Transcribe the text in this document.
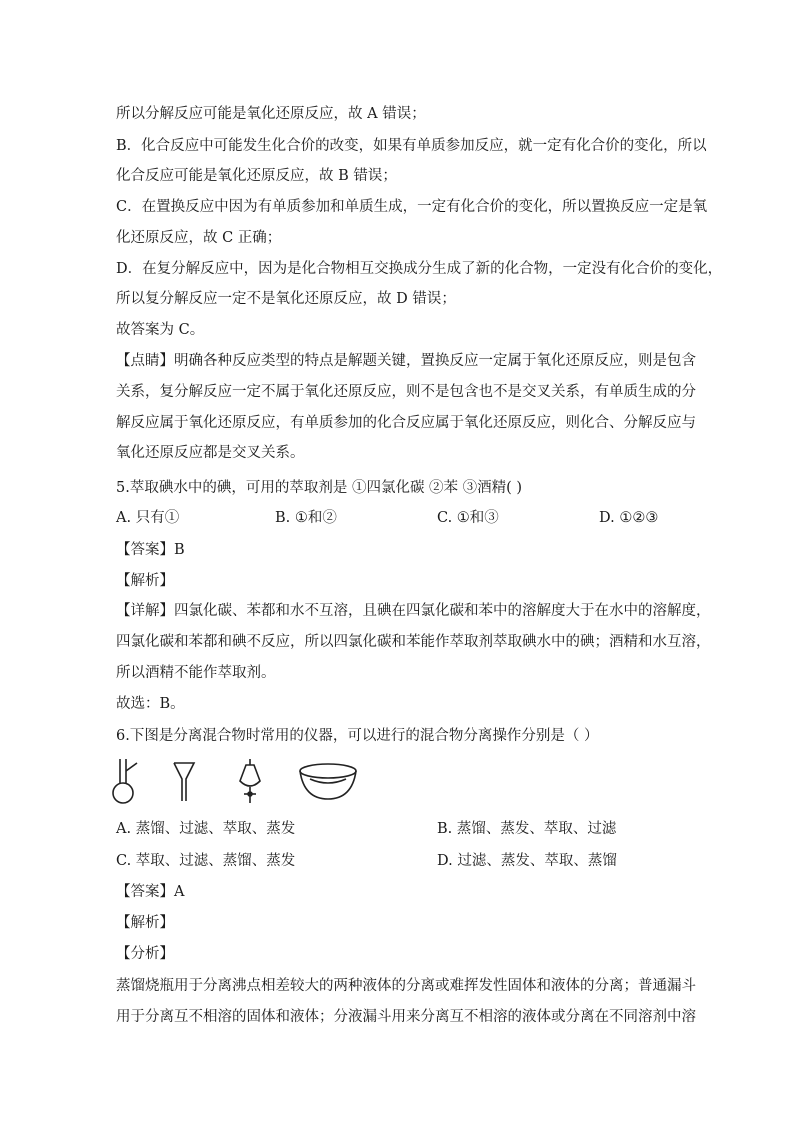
所以分解反应可能是氧化还原反应，故 A 错误；
B．化合反应中可能发生化合价的改变，如果有单质参加反应，就一定有化合价的变化，所以
化合反应可能是氧化还原反应，故 B 错误；
C．在置换反应中因为有单质参加和单质生成，一定有化合价的变化，所以置换反应一定是氧
化还原反应，故 C 正确；
D．在复分解反应中，因为是化合物相互交换成分生成了新的化合物，一定没有化合价的变化，
所以复分解反应一定不是氧化还原反应，故 D 错误；
故答案为 C。
【点睛】明确各种反应类型的特点是解题关键，置换反应一定属于氧化还原反应，则是包含
关系，复分解反应一定不属于氧化还原反应，则不是包含也不是交叉关系，有单质生成的分
解反应属于氧化还原反应，有单质参加的化合反应属于氧化还原反应，则化合、分解反应与
氧化还原反应都是交叉关系。
5.萃取碘水中的碘，可用的萃取剂是 ①四氯化碳 ②苯 ③酒精( )
A. 只有①	B. ①和②	C. ①和③	D. ①②③
【答案】B
【解析】
【详解】四氯化碳、苯都和水不互溶，且碘在四氯化碳和苯中的溶解度大于在水中的溶解度，
四氯化碳和苯都和碘不反应，所以四氯化碳和苯能作萃取剂萃取碘水中的碘；酒精和水互溶，
所以酒精不能作萃取剂。
故选：B。
6.下图是分离混合物时常用的仪器，可以进行的混合物分离操作分别是（ ）
A. 蒸馏、过滤、萃取、蒸发	B. 蒸馏、蒸发、萃取、过滤
C. 萃取、过滤、蒸馏、蒸发	D. 过滤、蒸发、萃取、蒸馏
【答案】A
【解析】
【分析】
蒸馏烧瓶用于分离沸点相差较大的两种液体的分离或难挥发性固体和液体的分离；普通漏斗
用于分离互不相溶的固体和液体；分液漏斗用来分离互不相溶的液体或分离在不同溶剂中溶
